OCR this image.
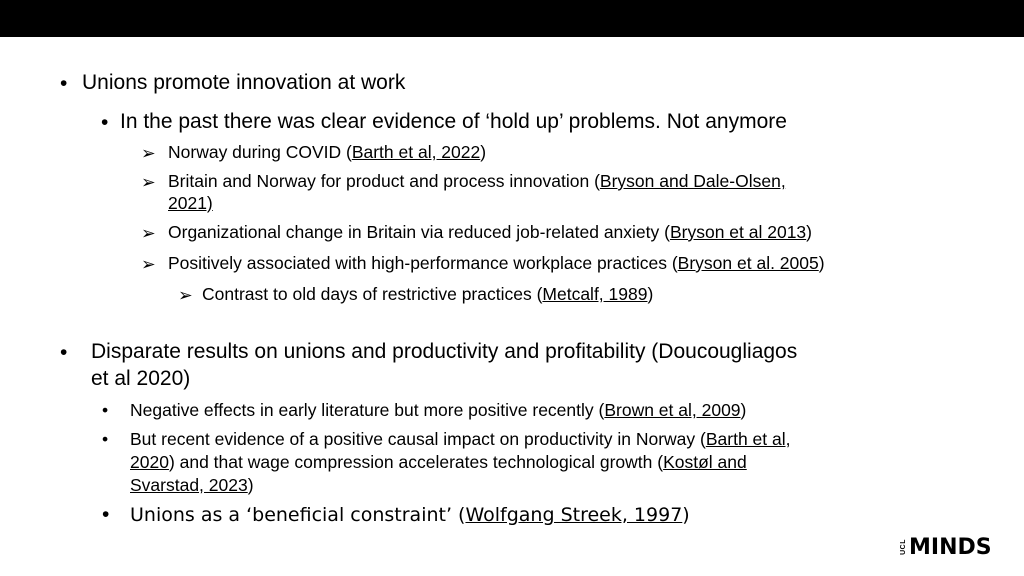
• Unions promote innovation at work
• In the past there was clear evidence of ‘hold up’ problems. Not anymore
➢ Norway during COVID (Barth et al, 2022)
➢ Britain and Norway for product and process innovation (Bryson and Dale-Olsen,
2021)
➢ Organizational change in Britain via reduced job-related anxiety (Bryson et al 2013)
➢ Positively associated with high-performance workplace practices (Bryson et al. 2005)
➢ Contrast to old days of restrictive practices (Metcalf, 1989)
• Disparate results on unions and productivity and profitability (Doucougliagos
et al 2020)
• Negative effects in early literature but more positive recently (Brown et al, 2009)
• But recent evidence of a positive causal impact on productivity in Norway (Barth et al,
2020) and that wage compression accelerates technological growth (Kostøl and
Svarstad, 2023)
• Unions as a ‘beneficial constraint’ (Wolfgang Streek, 1997)
UCL MINDS
